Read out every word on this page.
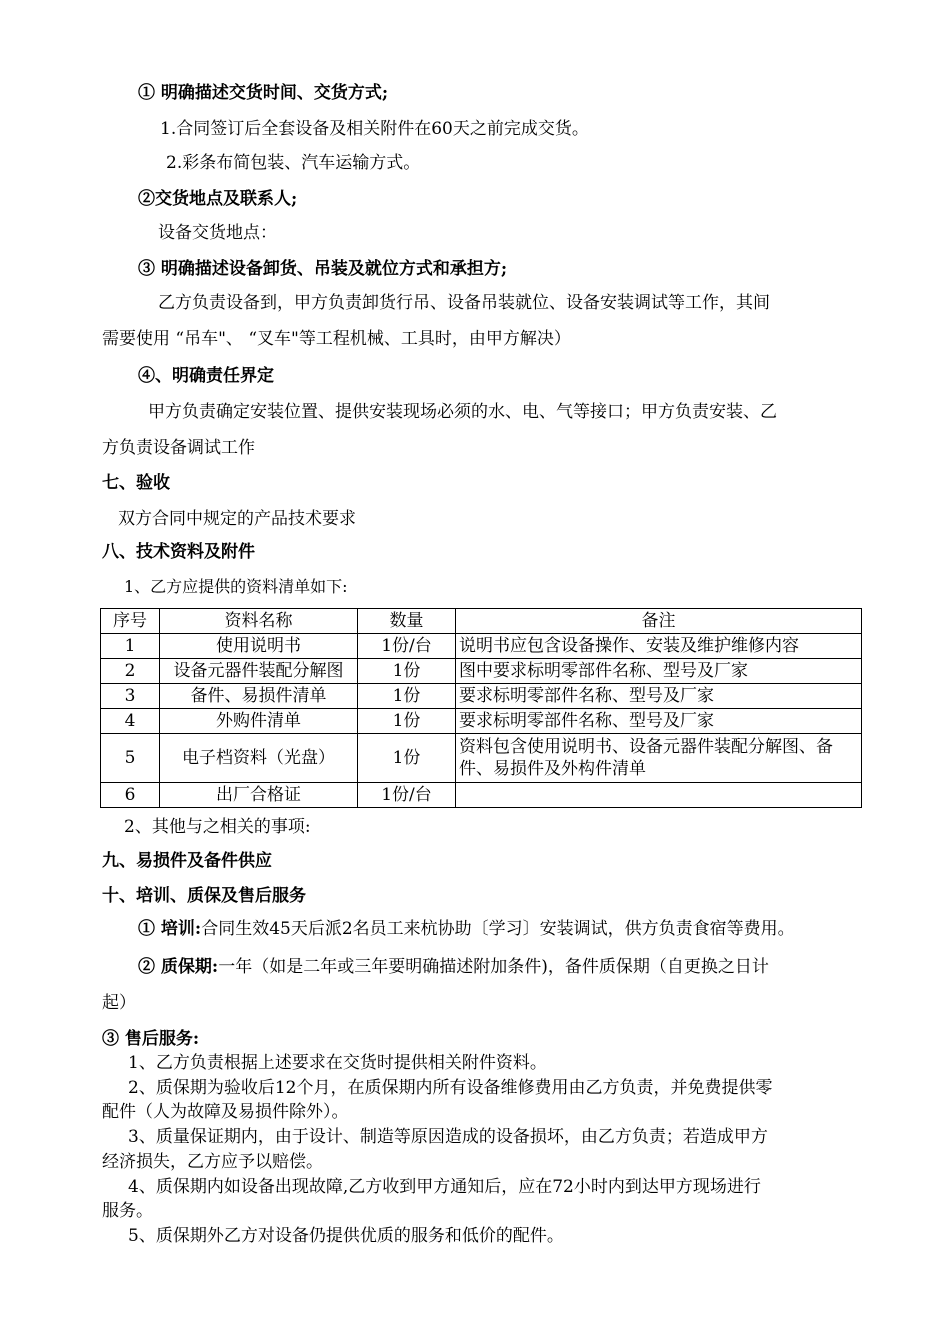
① 明确描述交货时间、交货方式;
1.合同签订后全套设备及相关附件在60天之前完成交货。
2.彩条布简包装、汽车运输方式。
②交货地点及联系人;
设备交货地点：
③ 明确描述设备卸货、吊装及就位方式和承担方;
乙方负责设备到，甲方负责卸货行吊、设备吊装就位、设备安装调试等工作，其间
需要使用 “吊车"、 “叉车"等工程机械、工具时，由甲方解决）
④、明确责任界定
甲方负责确定安装位置、提供安装现场必须的水、电、气等接口；甲方负责安装、乙
方负责设备调试工作
七、验收
双方合同中规定的产品技术要求
八、技术资料及附件
1、乙方应提供的资料清单如下:
序号	资料名称	数量	备注
1	使用说明书	1份/台	说明书应包含设备操作、安装及维护维修内容
2	设备元器件装配分解图	1份	图中要求标明零部件名称、型号及厂家
3	备件、易损件清单	1份	要求标明零部件名称、型号及厂家
4	外购件清单	1份	要求标明零部件名称、型号及厂家
5	电子档资料（光盘）	1份	资料包含使用说明书、设备元器件装配分解图、备件、易损件及外构件清单
6	出厂合格证	1份/台	
2、其他与之相关的事项:
九、易损件及备件供应
十、培训、质保及售后服务
① 培训:合同生效45天后派2名员工来杭协助〔学习〕安装调试，供方负责食宿等费用。
② 质保期:一年（如是二年或三年要明确描述附加条件)，备件质保期（自更换之日计
起）
③ 售后服务:
1、乙方负责根据上述要求在交货时提供相关附件资料。
2、质保期为验收后12个月，在质保期内所有设备维修费用由乙方负责，并免费提供零
配件（人为故障及易损件除外）。
3、质量保证期内，由于设计、制造等原因造成的设备损坏，由乙方负责；若造成甲方
经济损失，乙方应予以赔偿。
4、质保期内如设备出现故障,乙方收到甲方通知后，应在72小时内到达甲方现场进行
服务。
5、质保期外乙方对设备仍提供优质的服务和低价的配件。
